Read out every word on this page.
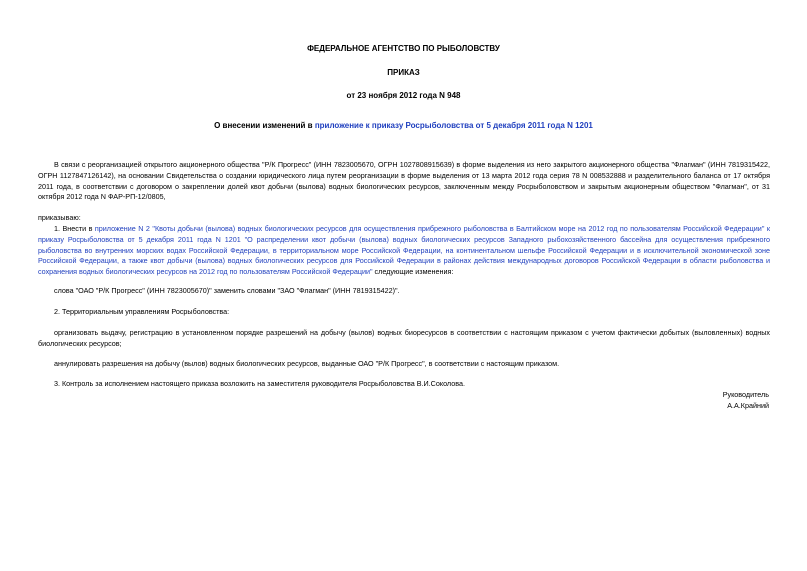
ФЕДЕРАЛЬНОЕ АГЕНТСТВО ПО РЫБОЛОВСТВУ
ПРИКАЗ
от 23 ноября 2012 года N 948
О внесении изменений в приложение к приказу Росрыболовства от 5 декабря 2011 года N 1201
В связи с реорганизацией открытого акционерного общества "Р/К Прогресс" (ИНН 7823005670, ОГРН 1027808915639) в форме выделения из него закрытого акционерного общества "Флагман" (ИНН 7819315422, ОГРН 1127847126142), на основании Свидетельства о создании юридического лица путем реорганизации в форме выделения от 13 марта 2012 года серия 78 N 008532888 и разделительного баланса от 17 октября 2011 года, в соответствии с договором о закреплении долей квот добычи (вылова) водных биологических ресурсов, заключенным между Росрыболовством и закрытым акционерным обществом "Флагман", от 31 октября 2012 года N ФАР-РП-12/0805,
приказываю:
1. Внести в приложение N 2 "Квоты добычи (вылова) водных биологических ресурсов для осуществления прибрежного рыболовства в Балтийском море на 2012 год по пользователям Российской Федерации" к приказу Росрыболовства от 5 декабря 2011 года N 1201 "О распределении квот добычи (вылова) водных биологических ресурсов Западного рыбохозяйственного бассейна для осуществления прибрежного рыболовства во внутренних морских водах Российской Федерации, в территориальном море Российской Федерации, на континентальном шельфе Российской Федерации и в исключительной экономической зоне Российской Федерации, а также квот добычи (вылова) водных биологических ресурсов для Российской Федерации в районах действия международных договоров Российской Федерации в области рыболовства и сохранения водных биологических ресурсов на 2012 год по пользователям Российской Федерации" следующие изменения:
слова "ОАО "Р/К Прогресс" (ИНН 7823005670)" заменить словами "ЗАО "Флагман" (ИНН 7819315422)".
2. Территориальным управлениям Росрыболовства:
организовать выдачу, регистрацию в установленном порядке разрешений на добычу (вылов) водных биоресурсов в соответствии с настоящим приказом с учетом фактически добытых (выловленных) водных биологических ресурсов;
аннулировать разрешения на добычу (вылов) водных биологических ресурсов, выданные ОАО "Р/К Прогресс", в соответствии с настоящим приказом.
3. Контроль за исполнением настоящего приказа возложить на заместителя руководителя Росрыболовства В.И.Соколова.
Руководитель
А.А.Крайний
